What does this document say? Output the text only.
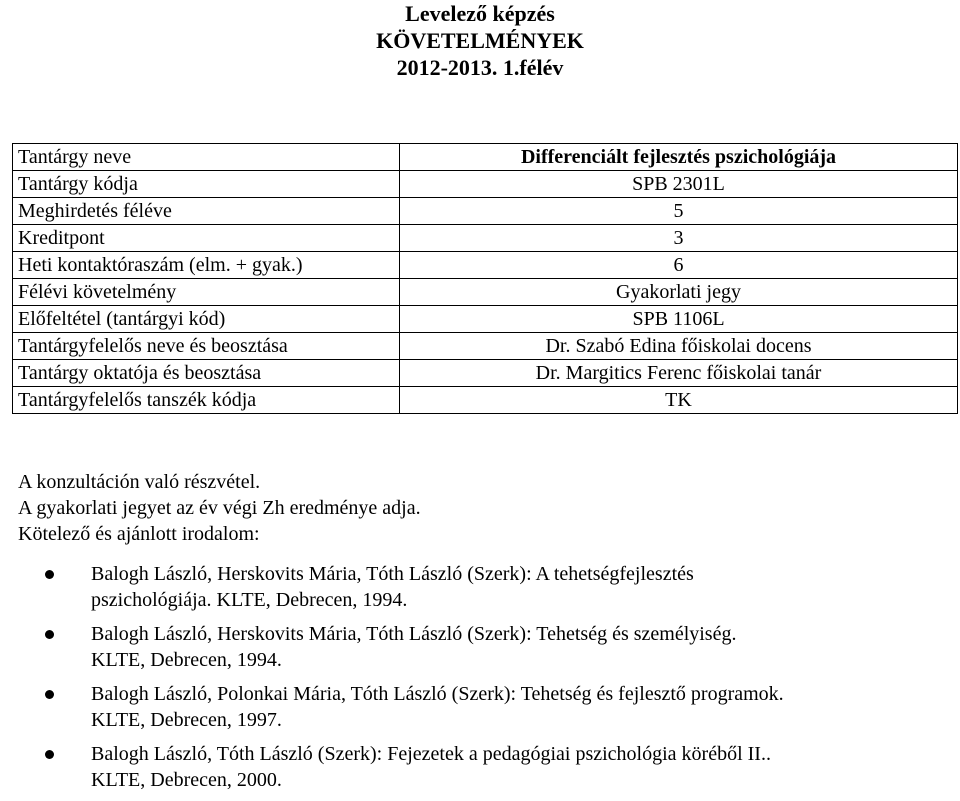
Levelező képzés
KÖVETELMÉNYEK
2012-2013. 1.félév
Tantárgy neve	Differenciált fejlesztés pszichológiája
Tantárgy kódja	SPB 2301L
Meghirdetés féléve	5
Kreditpont	3
Heti kontaktóraszám (elm. + gyak.)	6
Félévi követelmény	Gyakorlati jegy
Előfeltétel (tantárgyi kód)	SPB 1106L
Tantárgyfelelős neve és beosztása	Dr. Szabó Edina főiskolai docens
Tantárgy oktatója és beosztása	Dr. Margitics Ferenc főiskolai tanár
Tantárgyfelelős tanszék kódja	TK
A konzultáción való részvétel.
A gyakorlati jegyet az év végi Zh eredménye adja.
Kötelező és ajánlott irodalom:
Balogh László, Herskovits Mária, Tóth László (Szerk): A tehetségfejlesztés
pszichológiája. KLTE, Debrecen, 1994.
Balogh László, Herskovits Mária, Tóth László (Szerk): Tehetség és személyiség.
KLTE, Debrecen, 1994.
Balogh László, Polonkai Mária, Tóth László (Szerk): Tehetség és fejlesztő programok.
KLTE, Debrecen, 1997.
Balogh László, Tóth László (Szerk): Fejezetek a pedagógiai pszichológia köréből II..
KLTE, Debrecen, 2000.
